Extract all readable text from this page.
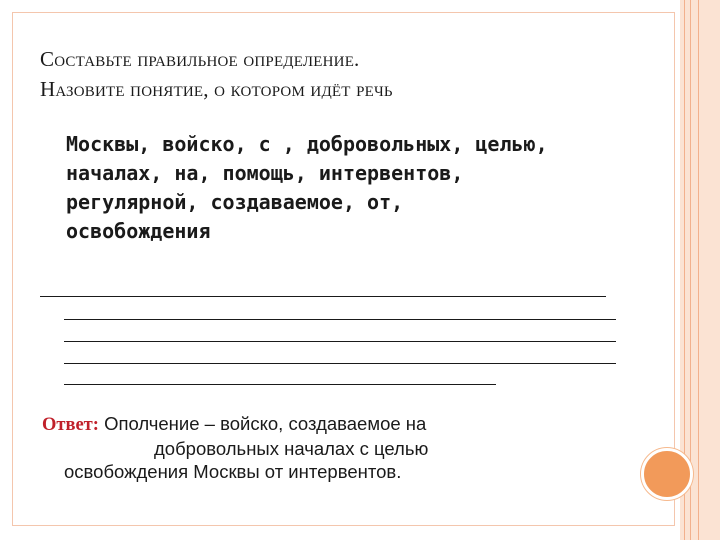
Составьте правильное определение.
Назовите понятие, о котором идёт речь
Москвы, войско, с , добровольных, целью,
началах, на, помощь, интервентов,
регулярной, создаваемое, от,
освобождения
Ответ: Ополчение – войско, создаваемое на
добровольных началах с целью
освобождения Москвы от интервентов.
